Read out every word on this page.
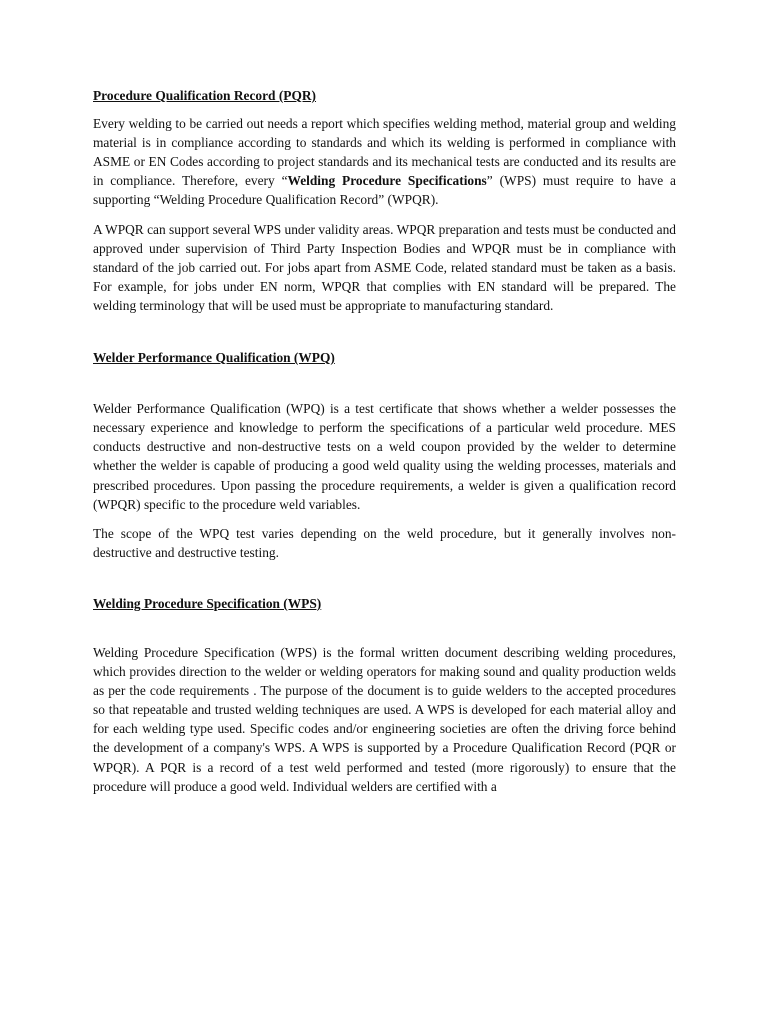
Procedure Qualification Record (PQR)

Every welding to be carried out needs a report which specifies welding method, material group and welding material is in compliance according to standards and which its welding is performed in compliance with ASME or EN Codes according to project standards and its mechanical tests are conducted and its results are in compliance. Therefore, every “Welding Procedure Specifications” (WPS) must require to have a supporting “Welding Procedure Qualification Record” (WPQR).

A WPQR can support several WPS under validity areas. WPQR preparation and tests must be conducted and approved under supervision of Third Party Inspection Bodies and WPQR must be in compliance with standard of the job carried out. For jobs apart from ASME Code, related standard must be taken as a basis. For example, for jobs under EN norm, WPQR that complies with EN standard will be prepared. The welding terminology that will be used must be appropriate to manufacturing standard.

Welder Performance Qualification (WPQ)

Welder Performance Qualification (WPQ) is a test certificate that shows whether a welder possesses the necessary experience and knowledge to perform the specifications of a particular weld procedure. MES conducts destructive and non-destructive tests on a weld coupon provided by the welder to determine whether the welder is capable of producing a good weld quality using the welding processes, materials and prescribed procedures. Upon passing the procedure requirements, a welder is given a qualification record (WPQR) specific to the procedure weld variables.

The scope of the WPQ test varies depending on the weld procedure, but it generally involves non-destructive and destructive testing.

Welding Procedure Specification (WPS)

Welding Procedure Specification (WPS) is the formal written document describing welding procedures, which provides direction to the welder or welding operators for making sound and quality production welds as per the code requirements . The purpose of the document is to guide welders to the accepted procedures so that repeatable and trusted welding techniques are used. A WPS is developed for each material alloy and for each welding type used. Specific codes and/or engineering societies are often the driving force behind the development of a company's WPS. A WPS is supported by a Procedure Qualification Record (PQR or WPQR). A PQR is a record of a test weld performed and tested (more rigorously) to ensure that the procedure will produce a good weld. Individual welders are certified with a
